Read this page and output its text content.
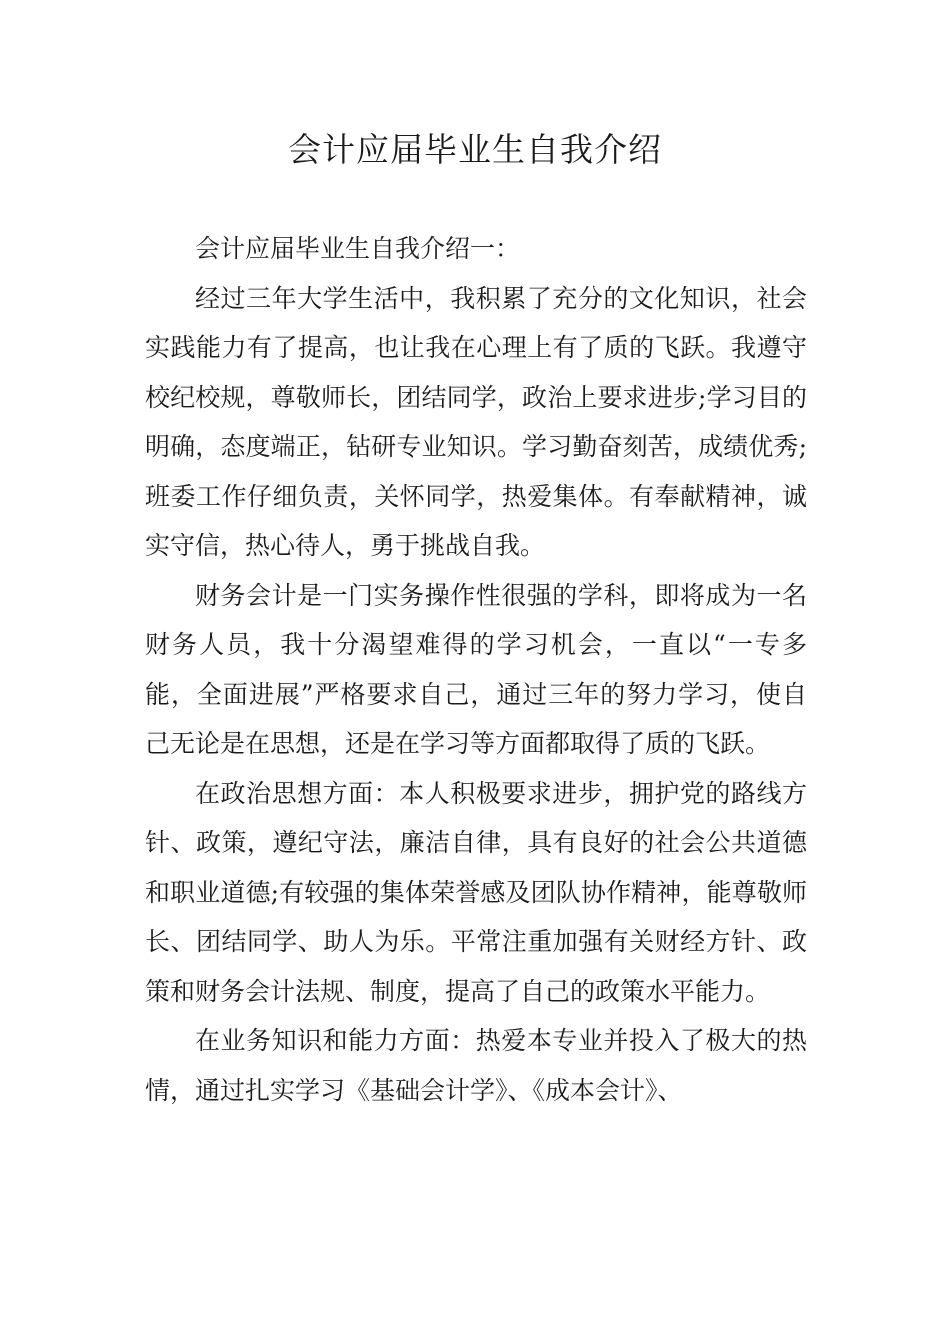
会计应届毕业生自我介绍

会计应届毕业生自我介绍一：

经过三年大学生活中，我积累了充分的文化知识，社会实践能力有了提高，也让我在心理上有了质的飞跃。我遵守校纪校规，尊敬师长，团结同学，政治上要求进步;学习目的明确，态度端正，钻研专业知识。学习勤奋刻苦，成绩优秀;班委工作仔细负责，关怀同学，热爱集体。有奉献精神，诚实守信，热心待人，勇于挑战自我。

财务会计是一门实务操作性很强的学科，即将成为一名财务人员，我十分渴望难得的学习机会，一直以“一专多能，全面进展”严格要求自己，通过三年的努力学习，使自己无论是在思想，还是在学习等方面都取得了质的飞跃。

在政治思想方面：本人积极要求进步，拥护党的路线方针、政策，遵纪守法，廉洁自律，具有良好的社会公共道德和职业道德;有较强的集体荣誉感及团队协作精神，能尊敬师长、团结同学、助人为乐。平常注重加强有关财经方针、政策和财务会计法规、制度，提高了自己的政策水平能力。

在业务知识和能力方面：热爱本专业并投入了极大的热情，通过扎实学习《基础会计学》、《成本会计》、
